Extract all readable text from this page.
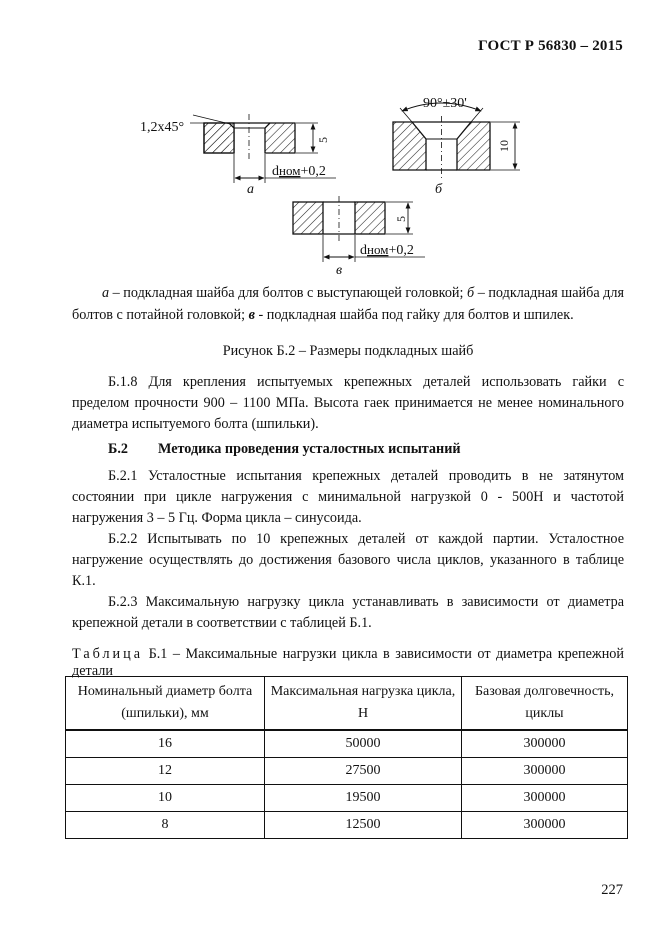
ГОСТ Р 56830 – 2015
1,2x45°
5
dном+0,2
а
90°±30'
10
б
5
dном+0,2
в
а – подкладная шайба для болтов с выступающей головкой; б – подкладная шайба для болтов с потайной головкой; в - подкладная шайба под гайку для болтов и шпилек.
Рисунок Б.2 – Размеры подкладных шайб
Б.1.8 Для крепления испытуемых крепежных деталей использовать гайки с пределом прочности 900 – 1100 МПа. Высота гаек принимается не менее номинального диаметра испытуемого болта (шпильки).
Б.2 Методика проведения усталостных испытаний
Б.2.1 Усталостные испытания крепежных деталей проводить в не затянутом состоянии при цикле нагружения с минимальной нагрузкой 0 - 500Н и частотой нагружения 3 – 5 Гц. Форма цикла – синусоида.
Б.2.2 Испытывать по 10 крепежных деталей от каждой партии. Усталостное нагружение осуществлять до достижения базового числа циклов, указанного в таблице К.1.
Б.2.3 Максимальную нагрузку цикла устанавливать в зависимости от диаметра крепежной детали в соответствии с таблицей Б.1.
Таблица Б.1 – Максимальные нагрузки цикла в зависимости от диаметра крепежной детали
Номинальный диаметр болта (шпильки), мм	Максимальная нагрузка цикла, Н	Базовая долговечность, циклы
16	50000	300000
12	27500	300000
10	19500	300000
8	12500	300000
227
